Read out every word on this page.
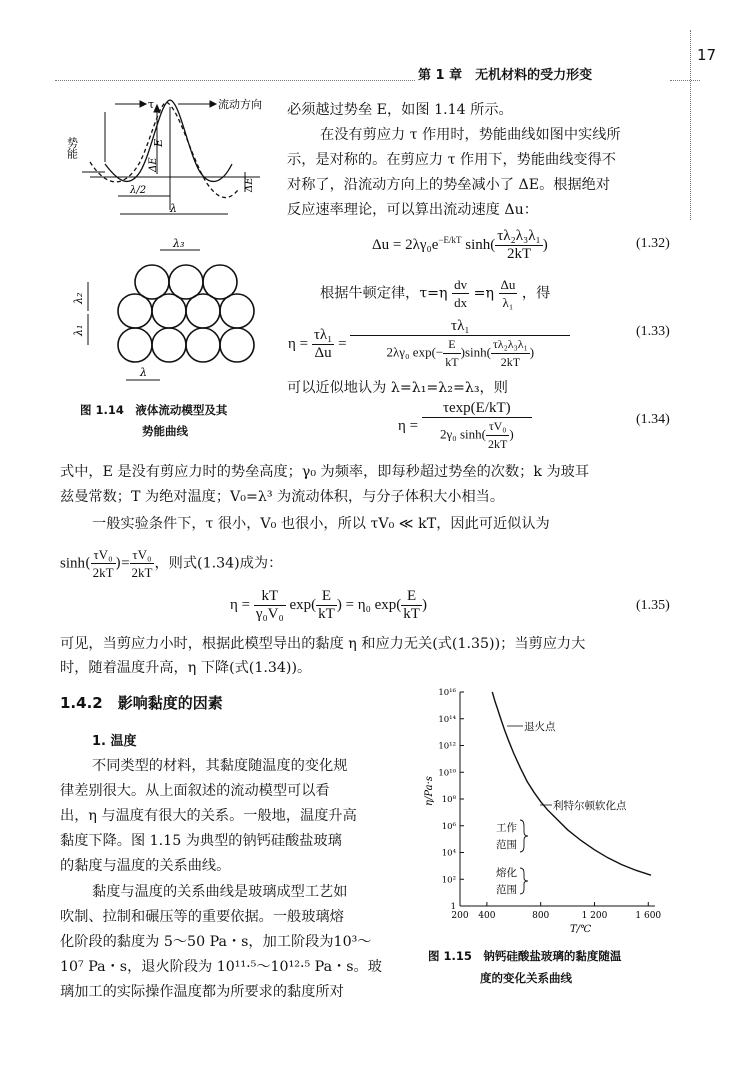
17
第 1 章　无机材料的受力形变
τ	流动方向
势能	E
ΔE
ΔE
λ/2
λ
λ₃
λ₂
λ₁
λ
图 1.14　液体流动模型及其
势能曲线
必须越过势垒 E，如图 1.14 所示。
在没有剪应力 τ 作用时，势能曲线如图中实线所
示，是对称的。在剪应力 τ 作用下，势能曲线变得不
对称了，沿流动方向上的势垒减小了 ΔE。根据绝对
反应速率理论，可以算出流动速度 Δu：
$\Delta u = 2\lambda\gamma_0e^{-E/kT}$ $\sinh( \frac{\text{τλ₂λ₃λ₁}}{2kT}$ )	(1.32)
根据牛顿定律，$\tau=\eta \frac{dv}{dx} =\eta \frac{\Delta u}{\text{λ₁}}$ ，得
$\eta = \frac{\text{τλ₁}}{\Delta u} = \frac{\text{τλ₁}}{2\lambda\gamma_0 \exp(- \frac{E}{kT} )\sinh( \frac{\text{τλ₂λ₃λ₁}}{2kT} )}$	(1.33)
可以近似地认为 λ=λ₁=λ₂=λ₃，则
$\eta = \frac{\tau\exp(E/kT)}{2\gamma_0 \sinh( \frac{\text{τV₀}}{2kT} )}$	(1.34)
式中，E 是没有剪应力时的势垒高度；γ₀ 为频率，即每秒超过势垒的次数；k 为玻耳
兹曼常数；T 为绝对温度；V₀=λ³ 为流动体积，与分子体积大小相当。
一般实验条件下，τ 很小，V₀ 也很小，所以 τV₀ ≪ kT，因此可近似认为
$\sinh( \frac{\text{τV₀}}{2kT}$ )= $\frac{\text{τV₀}}{2kT}$ ，则式(1.34)成为：
$\eta = \frac{kT}{\text{γ₀V₀}} \exp( \frac{E}{kT}$ ) = η₀ $\exp( \frac{E}{kT}$ )	(1.35)
可见，当剪应力小时，根据此模型导出的黏度 η 和应力无关(式(1.35))；当剪应力大
时，随着温度升高，η 下降(式(1.34))。
1.4.2　影响黏度的因素
1. 温度
不同类型的材料，其黏度随温度的变化规
律差别很大。从上面叙述的流动模型可以看
出，η 与温度有很大的关系。一般地，温度升高
黏度下降。图 1.15 为典型的钠钙硅酸盐玻璃
的黏度与温度的关系曲线。
黏度与温度的关系曲线是玻璃成型工艺如
吹制、拉制和碾压等的重要依据。一般玻璃熔
化阶段的黏度为 5～50 Pa・s，加工阶段为10³～
10⁷ Pa・s，退火阶段为 10¹¹·⁵～10¹²·⁵ Pa・s。玻
璃加工的实际操作温度都为所要求的黏度所对
η/Pa·s
T/℃
10¹⁶
10¹⁴
10¹²
10¹⁰
10⁸
10⁶
10⁴
10²
1
200 400	800	1 200	1 600
退火点
利特尔顿软化点
工作
范围
熔化
范围
图 1.15　钠钙硅酸盐玻璃的黏度随温
度的变化关系曲线
